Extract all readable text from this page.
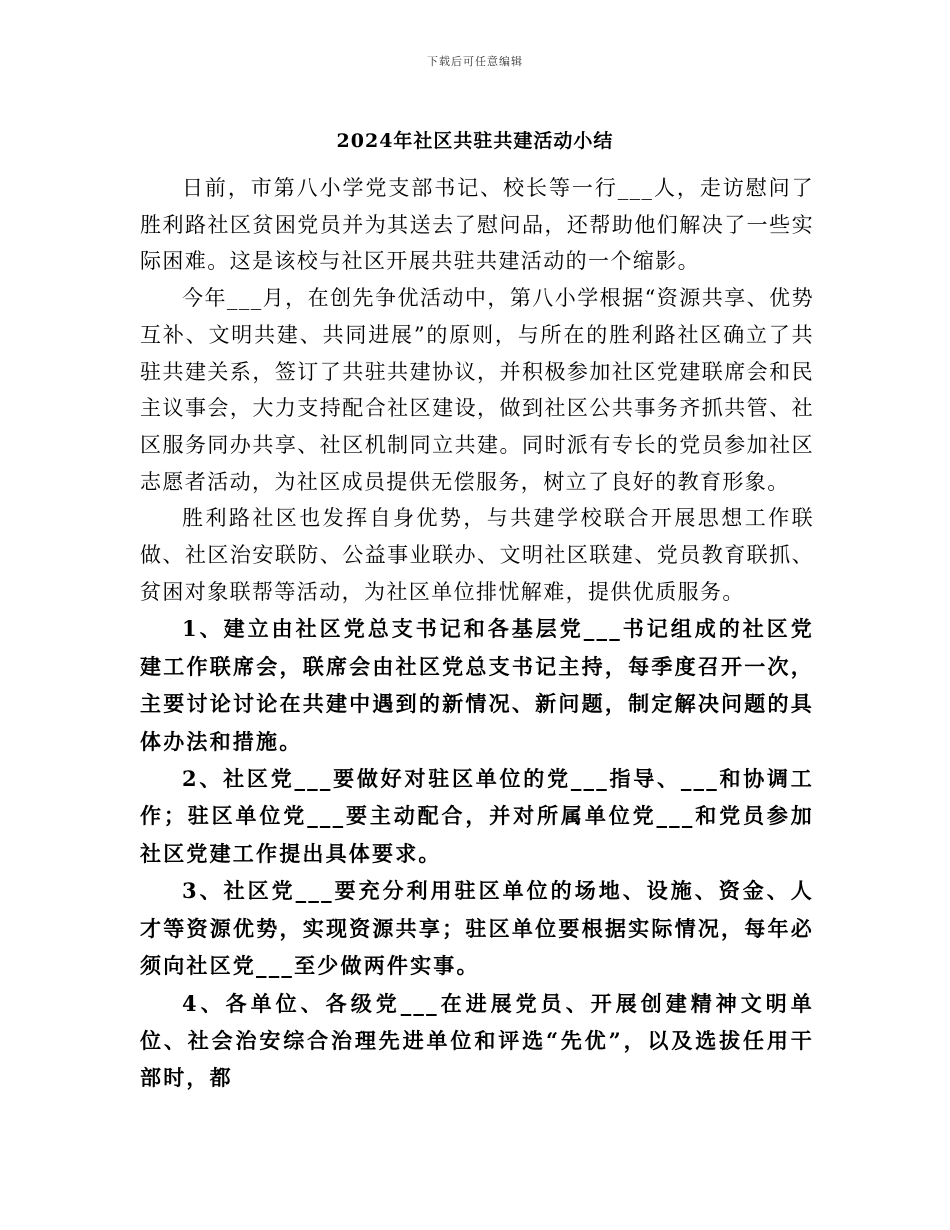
下载后可任意编辑
2024年社区共驻共建活动小结

日前，市第八小学党支部书记、校长等一行___人，走访慰问了胜利路社区贫困党员并为其送去了慰问品，还帮助他们解决了一些实际困难。这是该校与社区开展共驻共建活动的一个缩影。

今年___月，在创先争优活动中，第八小学根据“资源共享、优势互补、文明共建、共同进展”的原则，与所在的胜利路社区确立了共驻共建关系，签订了共驻共建协议，并积极参加社区党建联席会和民主议事会，大力支持配合社区建设，做到社区公共事务齐抓共管、社区服务同办共享、社区机制同立共建。同时派有专长的党员参加社区志愿者活动，为社区成员提供无偿服务，树立了良好的教育形象。

胜利路社区也发挥自身优势，与共建学校联合开展思想工作联做、社区治安联防、公益事业联办、文明社区联建、党员教育联抓、贫困对象联帮等活动，为社区单位排忧解难，提供优质服务。

1、建立由社区党总支书记和各基层党___书记组成的社区党建工作联席会，联席会由社区党总支书记主持，每季度召开一次，主要讨论讨论在共建中遇到的新情况、新问题，制定解决问题的具体办法和措施。

2、社区党___要做好对驻区单位的党___指导、___和协调工作；驻区单位党___要主动配合，并对所属单位党___和党员参加社区党建工作提出具体要求。

3、社区党___要充分利用驻区单位的场地、设施、资金、人才等资源优势，实现资源共享；驻区单位要根据实际情况，每年必须向社区党___至少做两件实事。

4、各单位、各级党___在进展党员、开展创建精神文明单位、社会治安综合治理先进单位和评选“先优”，以及选拔任用干部时，都
